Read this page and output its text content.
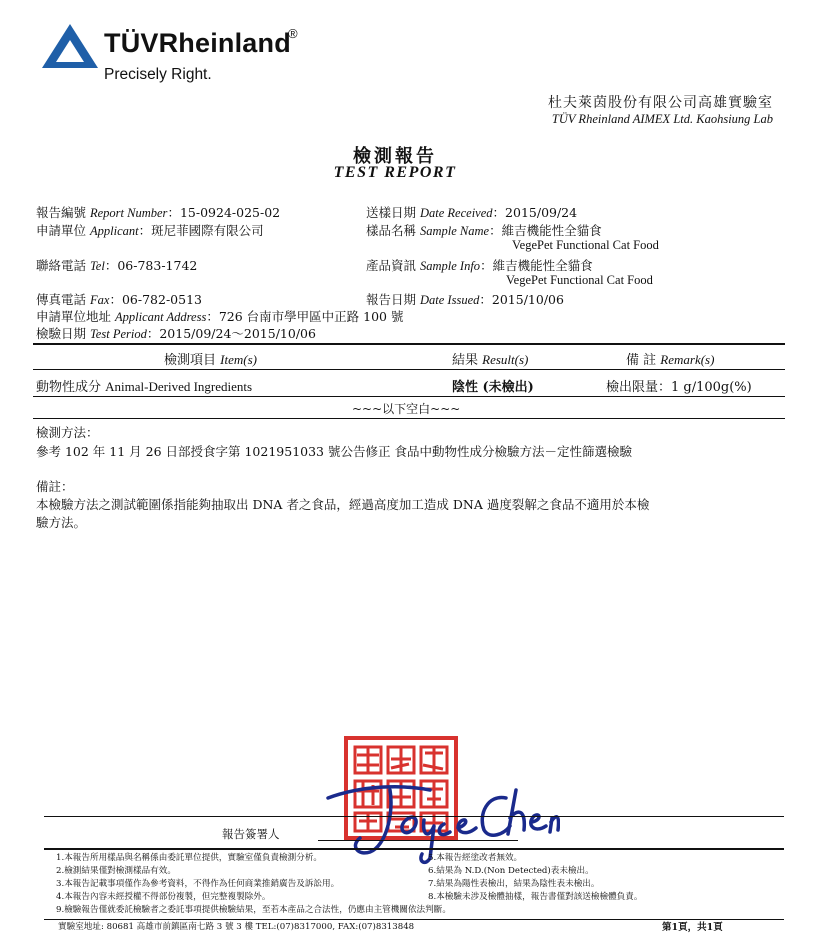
TÜVRheinland
®
Precisely Right.
杜夫萊茵股份有限公司高雄實驗室
TÜV Rheinland AIMEX Ltd. Kaohsiung Lab
檢測報告
TEST REPORT
報告編號 Report Number：15-0924-025-02
申請單位 Applicant：斑尼菲國際有限公司
聯絡電話 Tel：06-783-1742
傳真電話 Fax：06-782-0513
申請單位地址 Applicant Address：726 台南市學甲區中正路 100 號
檢驗日期 Test Period：2015/09/24～2015/10/06
送樣日期 Date Received：2015/09/24
樣品名稱 Sample Name：維吉機能性全貓食
VegePet Functional Cat Food
產品資訊 Sample Info：維吉機能性全貓食
VegePet Functional Cat Food
報告日期 Date Issued：2015/10/06
檢測項目 Item(s)	結果 Result(s)	備 註 Remark(s)
動物性成分 Animal-Derived Ingredients	陰性 (未檢出)	檢出限量：1 g/100g(%)
~~~以下空白~~~
檢測方法：
參考 102 年 11 月 26 日部授食字第 1021951033 號公告修正 食品中動物性成分檢驗方法－定性篩選檢驗
備註：
本檢驗方法之測試範圍係指能夠抽取出 DNA 者之食品，經過高度加工造成 DNA 過度裂解之食品不適用於本檢
驗方法。
報告簽署人
1.本報告所用樣品與名稱係由委託單位提供，實驗室僅負責檢測分析。
2.檢測結果僅對檢測樣品有效。
3.本報告記載事項僅作為參考資料，不得作為任何商業推銷廣告及訴訟用。
4.本報告內容未經授權不得部份複製，但完整複製除外。
9.檢驗報告僅就委託檢驗者之委託事項提供檢驗結果，至若本產品之合法性，仍應由主管機關依法判斷。
5.本報告經塗改者無效。
6.結果為 N.D.(Non Detected)表未檢出。
7.結果為陽性表檢出，結果為陰性表未檢出。
8.本檢驗未涉及檢體抽樣，報告書僅對該送檢檢體負責。
實驗室地址: 80681 高雄市前鎮區南七路 3 號 3 樓 TEL:(07)8317000, FAX:(07)8313848	第1頁，共1頁
